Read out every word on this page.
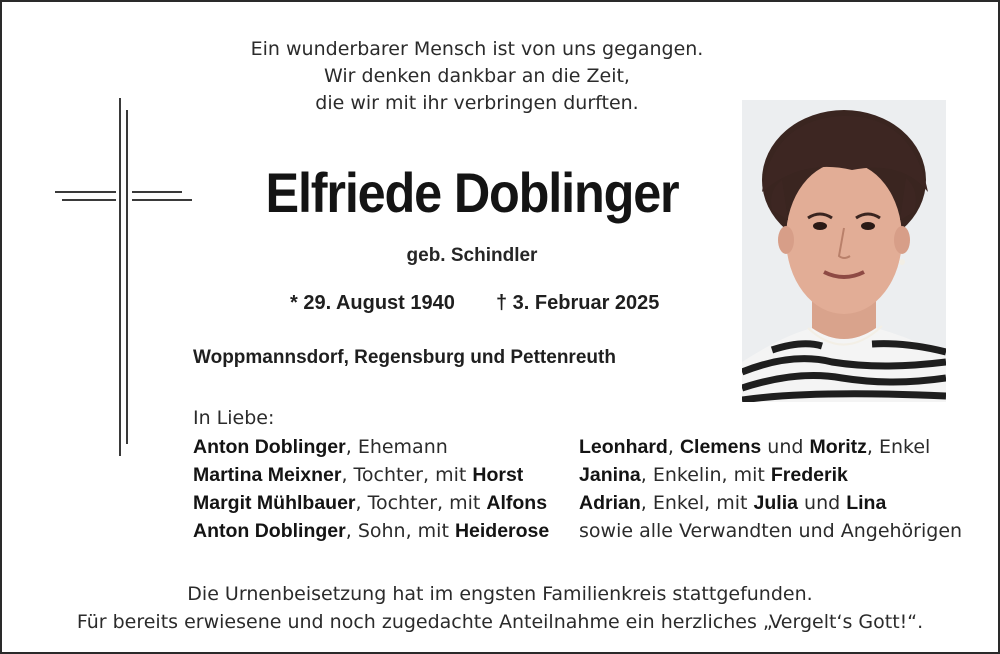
Ein wunderbarer Mensch ist von uns gegangen.
Wir denken dankbar an die Zeit,
die wir mit ihr verbringen durften.
Elfriede Doblinger
geb. Schindler
* 29. August 1940 † 3. Februar 2025
Woppmannsdorf, Regensburg und Pettenreuth
In Liebe:
Anton Doblinger, Ehemann
Martina Meixner, Tochter, mit Horst
Margit Mühlbauer, Tochter, mit Alfons
Anton Doblinger, Sohn, mit Heiderose
Leonhard, Clemens und Moritz, Enkel
Janina, Enkelin, mit Frederik
Adrian, Enkel, mit Julia und Lina
sowie alle Verwandten und Angehörigen
Die Urnenbeisetzung hat im engsten Familienkreis stattgefunden.
Für bereits erwiesene und noch zugedachte Anteilnahme ein herzliches „Vergelt‘s Gott!“.
